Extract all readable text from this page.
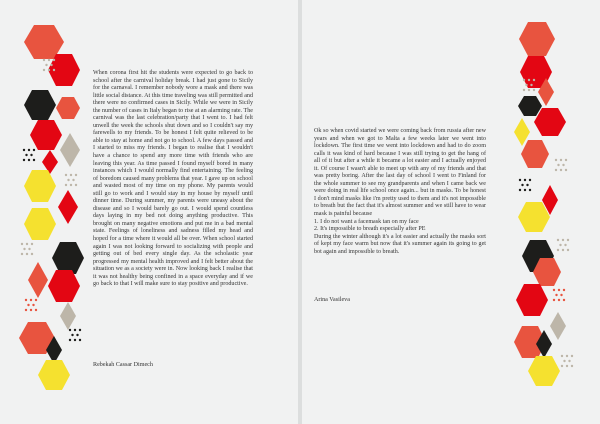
When corona first hit the students were expected to go back to school after the carnival holiday break. I had just gone to Sicily for the carnaval. I remember nobody wore a mask and there was little social distance. At this time traveling was still permitted and there were no confirmed cases in Sicily. While we were in Sicily the number of cases in Italy began to rise at an alarming rate. The carnival was the last celebration/party that I went to. I had felt unwell the week the schools shut down and so I couldn't say my farewells to my friends. To be honest I felt quite relieved to be able to stay at home and not go to school. A few days passed and I started to miss my friends. I began to realise that I wouldn't have a chance to spend any more time with friends who are leaving this year. As time passed I found myself bored in many instances which I would normally find entertaining. The feeling of boredom caused many problems that year. I gave up on school and wasted most of my time on my phone. My parents would still go to work and I would stay in my house by myself until dinner time. During summer, my parents were uneasy about the disease and so I would barely go out. I would spend countless days laying in my bed not doing anything productive. This brought on many negative emotions and put me in a bad mental state. Feelings of loneliness and sadness filled my head and hoped for a time where it would all be over. When school started again I was not looking forward to socializing with people and getting out of bed every single day. As the scholastic year progressed my mental health improved and I felt better about the situation we as a society were in. Now looking back I realise that it was not healthy being confined in a space everyday and if we go back to that I will make sure to stay positive and productive.
Rebekah Cassar Dimech

Ok so when covid started we were coming back from russia after new years and when we got to Malta a few weeks later we went into lockdown. The first time we went into lockdown and had to do zoom calls it was kind of hard because I was still trying to get the hang of all of it but after a while it became a lot easier and I actually enjoyed it. Of course I wasn't able to meet up with any of my friends and that was pretty boring. After the last day of school I went to Finland for the whole summer to see my grandparents and when I came back we were doing in real life school once again... but in masks. To be honest I don't mind masks like i'm pretty used to them and it's not impossible to breath but the fact that it's almost summer and we still have to wear mask is painful because

1. I do not want a facemask tan on my face

2. It's impossible to breath especially after PE

During the winter although it's a lot easier and actually the masks sort of kept my face warm but now that it's summer again its going to get bot again and impossible to breath.

Arina Vasileva
